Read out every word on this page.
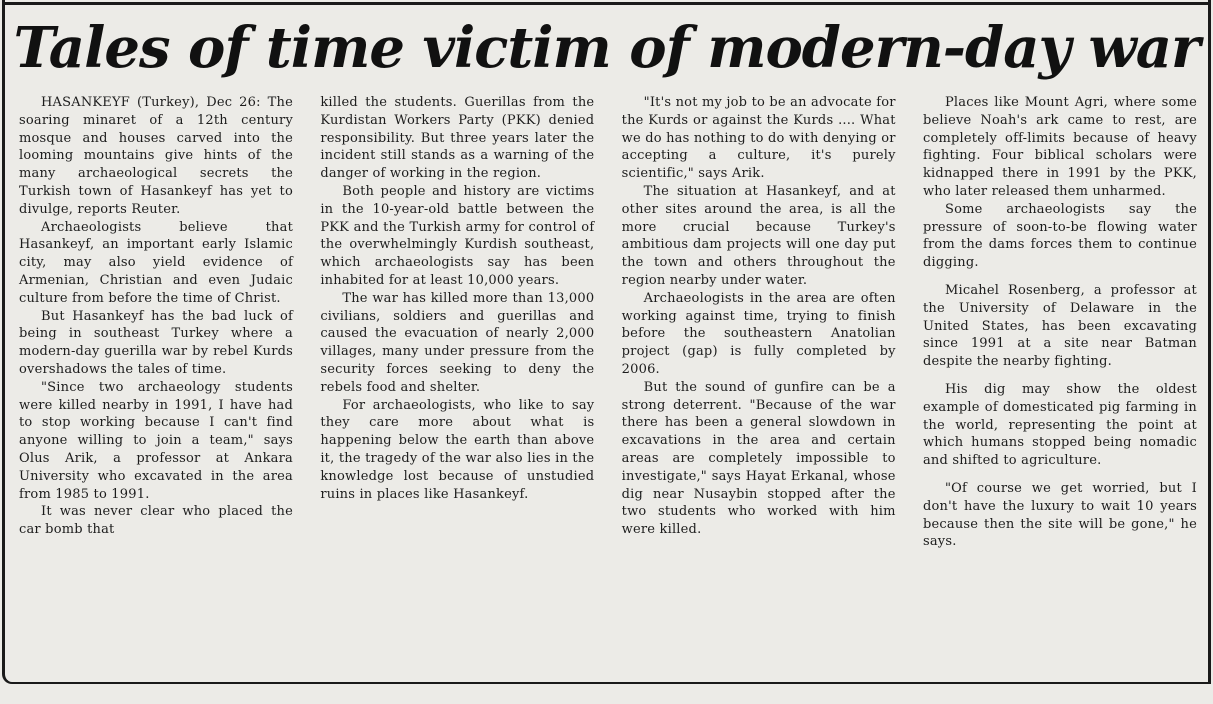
Tales of time victim of modern-day war

HASANKEYF (Turkey), Dec 26: The soaring minaret of a 12th century mosque and houses carved into the looming mountains give hints of the many archaeological secrets the Turkish town of Hasankeyf has yet to divulge, reports Reuter.

Archaeologists believe that Hasankeyf, an important early Islamic city, may also yield evidence of Armenian, Christian and even Judaic culture from before the time of Christ.

But Hasankeyf has the bad luck of being in southeast Turkey where a modern-day guerilla war by rebel Kurds overshadows the tales of time.

"Since two archaeology students were killed nearby in 1991, I have had to stop working because I can't find anyone willing to join a team," says Olus Arik, a professor at Ankara University who excavated in the area from 1985 to 1991.

It was never clear who placed the car bomb that

killed the students. Guerillas from the Kurdistan Workers Party (PKK) denied responsibility. But three years later the incident still stands as a warning of the danger of working in the region.

Both people and history are victims in the 10-year-old battle between the PKK and the Turkish army for control of the overwhelmingly Kurdish southeast, which archaeologists say has been inhabited for at least 10,000 years.

The war has killed more than 13,000 civilians, soldiers and guerillas and caused the evacuation of nearly 2,000 villages, many under pressure from the security forces seeking to deny the rebels food and shelter.

For archaeologists, who like to say they care more about what is happening below the earth than above it, the tragedy of the war also lies in the knowledge lost because of unstudied ruins in places like Hasankeyf.

"It's not my job to be an advocate for the Kurds or against the Kurds .... What we do has nothing to do with denying or accepting a culture, it's purely scientific," says Arik.

The situation at Hasankeyf, and at other sites around the area, is all the more crucial because Turkey's ambitious dam projects will one day put the town and others throughout the region nearby under water.

Archaeologists in the area are often working against time, trying to finish before the southeastern Anatolian project (gap) is fully completed by 2006.

But the sound of gunfire can be a strong deterrent. "Because of the war there has been a general slowdown in excavations in the area and certain areas are completely impossible to investigate," says Hayat Erkanal, whose dig near Nusaybin stopped after the two students who worked with him were killed.

Places like Mount Agri, where some believe Noah's ark came to rest, are completely off-limits because of heavy fighting. Four biblical scholars were kidnapped there in 1991 by the PKK, who later released them unharmed.

Some archaeologists say the pressure of soon-to-be flowing water from the dams forces them to continue digging.

Micahel Rosenberg, a professor at the University of Delaware in the United States, has been excavating since 1991 at a site near Batman despite the nearby fighting.

His dig may show the oldest example of domesticated pig farming in the world, representing the point at which humans stopped being nomadic and shifted to agriculture.

"Of course we get worried, but I don't have the luxury to wait 10 years because then the site will be gone," he says.
